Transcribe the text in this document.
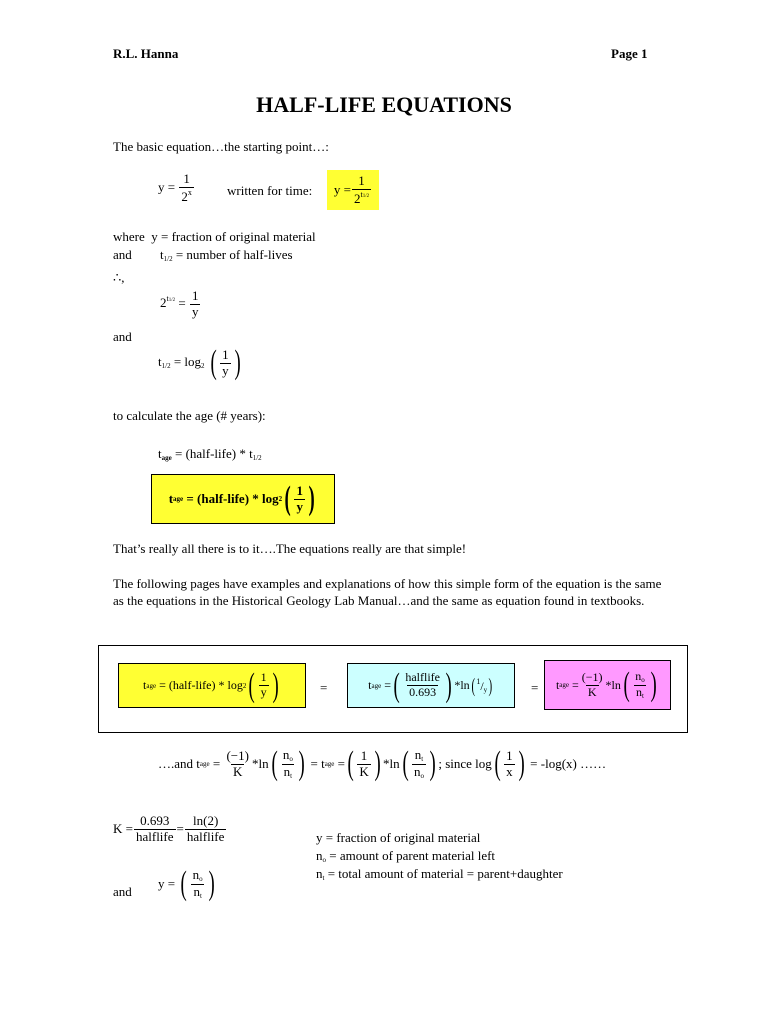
R.L. Hanna	Page 1
HALF-LIFE EQUATIONS
The basic equation…the starting point…:
$y = \frac{1}{2^x}$	written for time: $y = \frac{1}{2^{t1/2}}$
where y = fraction of original material
and $t_{1/2}$ = number of half-lives
∴,
$2^{t1/2} = \frac{1}{y}$
and
$t_{1/2} = \log_2$ ( $\frac{1}{y}$ )
to calculate the age (# years):
$t_{age}$ = (half-life) * $t_{1/2}$
t age
= (half-life) * log 2 ( $\frac{1}{y}$ )
That’s really all there is to it….The equations really are that simple!
The following pages have examples and explanations of how this simple form of the equation is the same as the equations in the Historical Geology Lab Manual…and the same as equation found in textbooks.
t age
= (half-life) * log 2 ( $\frac{1}{y}$ )	=	t age
= ( $\frac{\text{halflife}}{0.693}$ ) *ln ( $^1/_y$ )	= t age
= $\frac{(-1)}{K} *\ln$ ( $\frac{n_o}{n_t}$ )
….and t age
=
$\frac{(-1)}{K} *\ln$ ( $\frac{n_o}{n_t}$ )
= t age
= ( $\frac{1}{K}$ ) *ln ( $\frac{n_t}{n_o}$ ) ; since log ( $\frac{1}{x}$ )
= -log(x) ……
$K = \frac{0.693}{\text{halflife}} = \frac{\ln(2)}{\text{halflife}}$	y = fraction of original material
$n_o$ = amount of parent material left
$n_t$ = total amount of material = parent+daughter
and
y =
( $\frac{n_o}{n_t}$ )
